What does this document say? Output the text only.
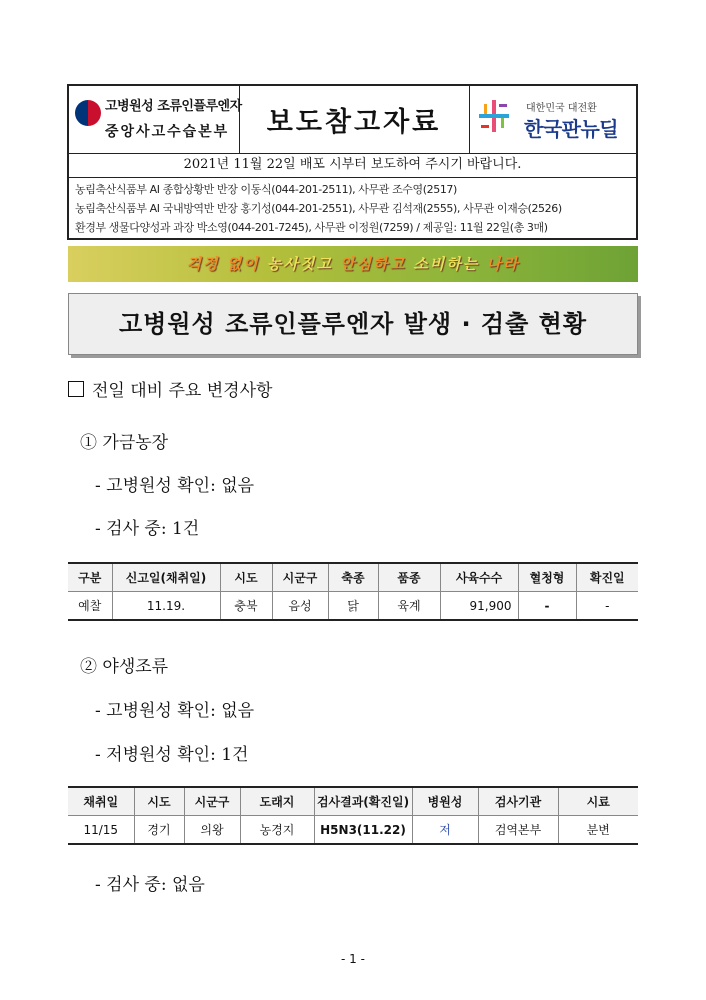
고병원성 조류인플루엔자
중앙사고수습본부 보도참고자료	대한민국 대전환
한국판뉴딜
2021년 11월 22일 배포 시부터 보도하여 주시기 바랍니다.
농림축산식품부 AI 종합상황반 반장 이동식(044-201-2511), 사무관 조수영(2517)
농림축산식품부 AI 국내방역반 반장 홍기성(044-201-2551), 사무관 김석재(2555), 사무관 이재승(2526)
환경부 생물다양성과 과장 박소영(044-201-7245), 사무관 이정원(7259) / 제공일: 11월 22일(총 3매)
걱정 없이 농사짓고 안심하고 소비하는 나라
고병원성 조류인플루엔자 발생 · 검출 현황
전일 대비 주요 변경사항
① 가금농장
- 고병원성 확인: 없음
- 검사 중: 1건
구분	신고일(채취일)	시도	시군구	축종	품종	사육수수	혈청형	확진일
예찰	11.19.	충북	음성	닭	육계	91,900	-	-
② 야생조류
- 고병원성 확인: 없음
- 저병원성 확인: 1건
채취일	시도	시군구	도래지	검사결과(확진일)	병원성	검사기관	시료
11/15	경기	의왕	농경지	H5N3(11.22)	저	검역본부	분변
- 검사 중: 없음
- 1 -
